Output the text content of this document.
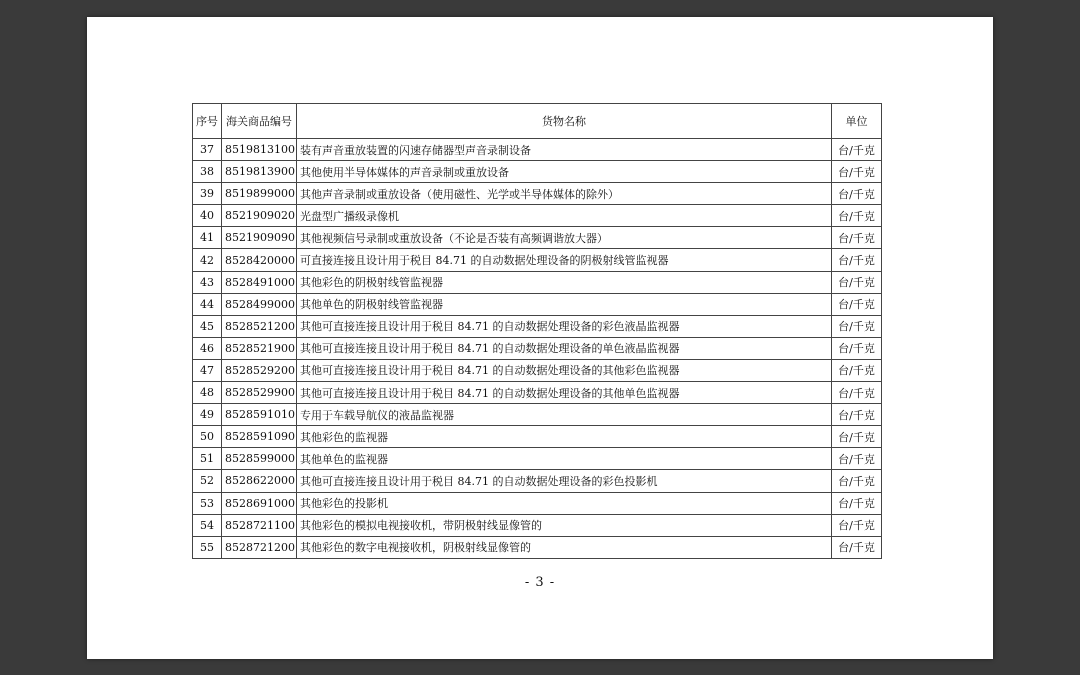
序号	海关商品编号	货物名称	单位
37	8519813100	装有声音重放装置的闪速存储器型声音录制设备	台/千克
38	8519813900	其他使用半导体媒体的声音录制或重放设备	台/千克
39	8519899000	其他声音录制或重放设备（使用磁性、光学或半导体媒体的除外）	台/千克
40	8521909020	光盘型广播级录像机	台/千克
41	8521909090	其他视频信号录制或重放设备（不论是否装有高频调谐放大器）	台/千克
42	8528420000	可直接连接且设计用于税目 84.71 的自动数据处理设备的阴极射线管监视器	台/千克
43	8528491000	其他彩色的阴极射线管监视器	台/千克
44	8528499000	其他单色的阴极射线管监视器	台/千克
45	8528521200	其他可直接连接且设计用于税目 84.71 的自动数据处理设备的彩色液晶监视器	台/千克
46	8528521900	其他可直接连接且设计用于税目 84.71 的自动数据处理设备的单色液晶监视器	台/千克
47	8528529200	其他可直接连接且设计用于税目 84.71 的自动数据处理设备的其他彩色监视器	台/千克
48	8528529900	其他可直接连接且设计用于税目 84.71 的自动数据处理设备的其他单色监视器	台/千克
49	8528591010	专用于车载导航仪的液晶监视器	台/千克
50	8528591090	其他彩色的监视器	台/千克
51	8528599000	其他单色的监视器	台/千克
52	8528622000	其他可直接连接且设计用于税目 84.71 的自动数据处理设备的彩色投影机	台/千克
53	8528691000	其他彩色的投影机	台/千克
54	8528721100	其他彩色的模拟电视接收机，带阴极射线显像管的	台/千克
55	8528721200	其他彩色的数字电视接收机，阴极射线显像管的	台/千克
- 3 -
